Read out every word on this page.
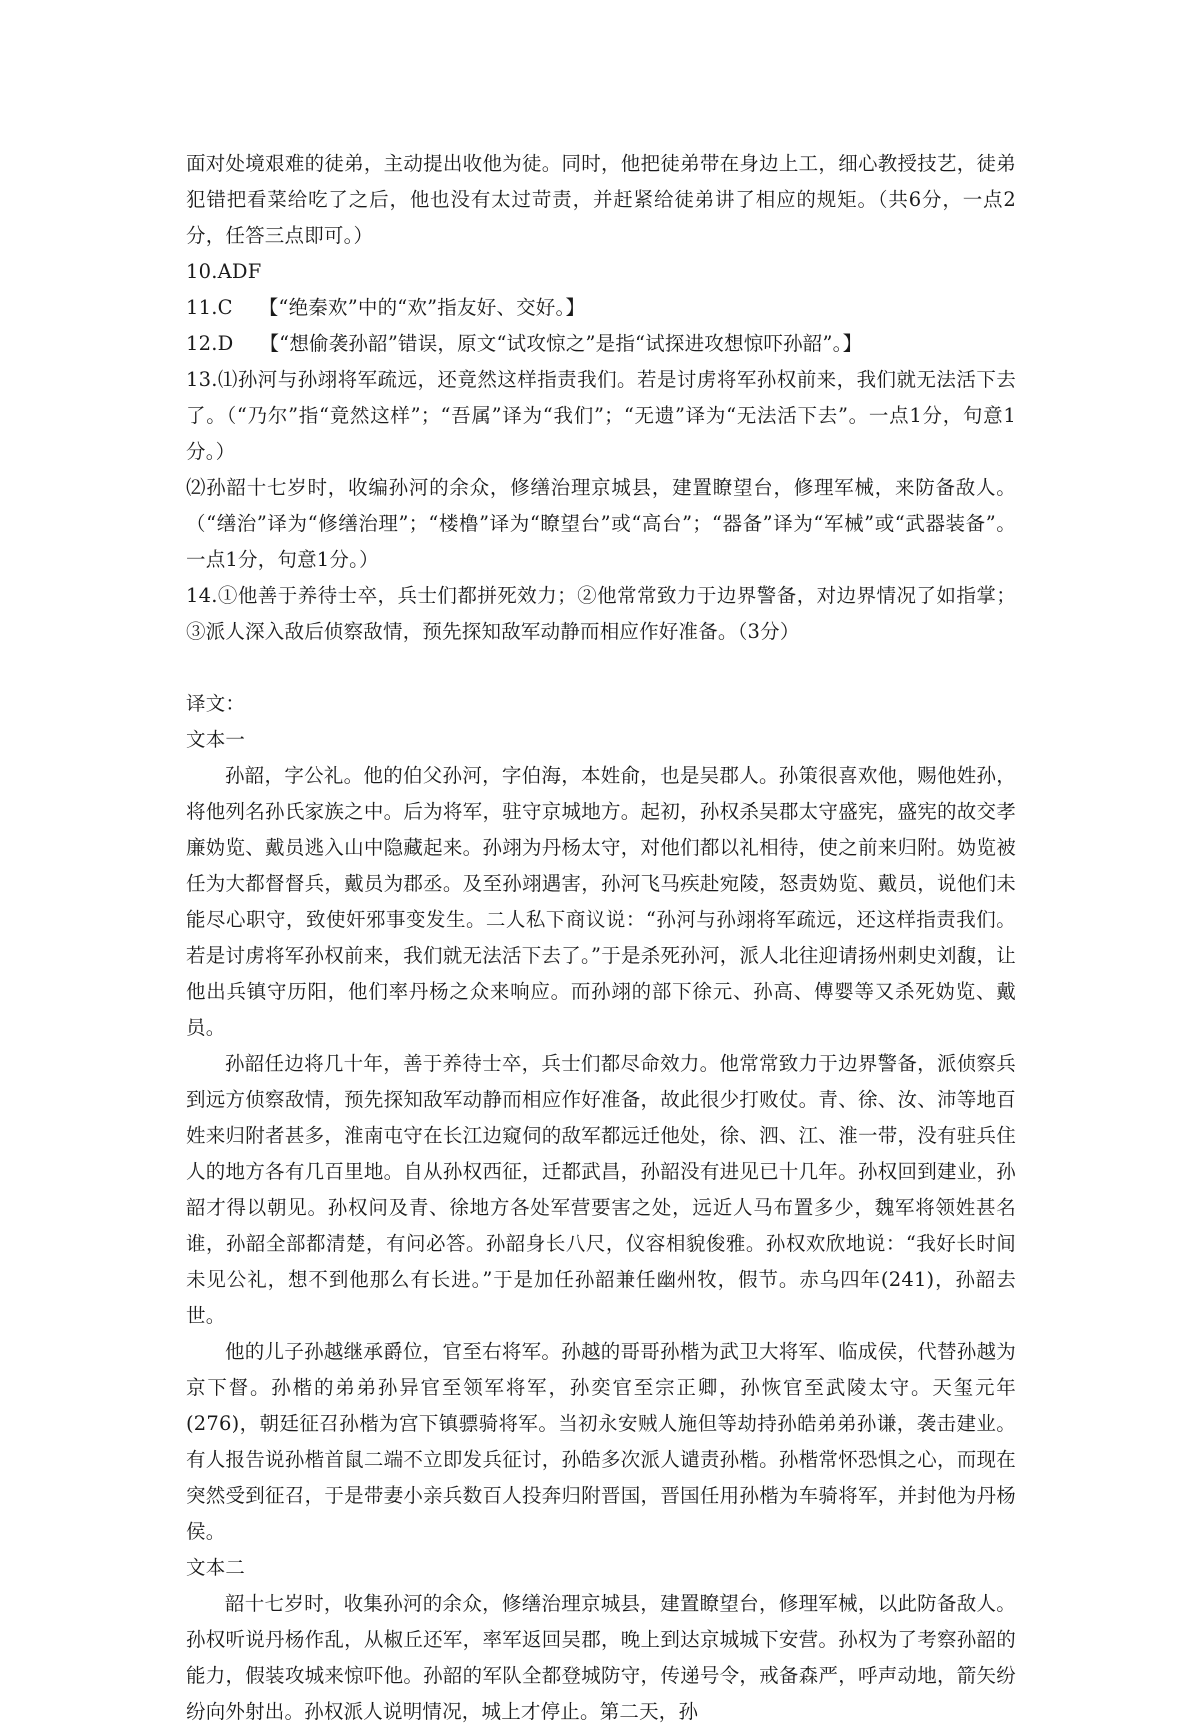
面对处境艰难的徒弟，主动提出收他为徒。同时，他把徒弟带在身边上工，细心教授技艺，徒弟犯错把看菜给吃了之后，他也没有太过苛责，并赶紧给徒弟讲了相应的规矩。（共6分，一点2分，任答三点即可。）

10.ADF

11.C 【“绝秦欢”中的“欢”指友好、交好。】

12.D 【“想偷袭孙韶”错误，原文“试攻惊之”是指“试探进攻想惊吓孙韶”。】

13.⑴孙河与孙翊将军疏远，还竟然这样指责我们。若是讨虏将军孙权前来，我们就无法活下去了。（“乃尔”指“竟然这样”；“吾属”译为“我们”；“无遗”译为“无法活下去”。一点1分，句意1分。）

⑵孙韶十七岁时，收编孙河的余众，修缮治理京城县，建置瞭望台，修理军械，来防备敌人。（“缮治”译为“修缮治理”；“楼橹”译为“瞭望台”或“高台”；“器备”译为“军械”或“武器装备”。一点1分，句意1分。）

14.①他善于养待士卒，兵士们都拼死效力；②他常常致力于边界警备，对边界情况了如指掌；③派人深入敌后侦察敌情，预先探知敌军动静而相应作好准备。（3分）

译文：

文本一

孙韶，字公礼。他的伯父孙河，字伯海，本姓俞，也是吴郡人。孙策很喜欢他，赐他姓孙，将他列名孙氏家族之中。后为将军，驻守京城地方。起初，孙权杀吴郡太守盛宪，盛宪的故交孝廉妫览、戴员逃入山中隐藏起来。孙翊为丹杨太守，对他们都以礼相待，使之前来归附。妫览被任为大都督督兵，戴员为郡丞。及至孙翊遇害，孙河飞马疾赴宛陵，怒责妫览、戴员，说他们未能尽心职守，致使奸邪事变发生。二人私下商议说：“孙河与孙翊将军疏远，还这样指责我们。若是讨虏将军孙权前来，我们就无法活下去了。”于是杀死孙河，派人北往迎请扬州刺史刘馥，让他出兵镇守历阳，他们率丹杨之众来响应。而孙翊的部下徐元、孙高、傅婴等又杀死妫览、戴员。

孙韶任边将几十年，善于养待士卒，兵士们都尽命效力。他常常致力于边界警备，派侦察兵到远方侦察敌情，预先探知敌军动静而相应作好准备，故此很少打败仗。青、徐、汝、沛等地百姓来归附者甚多，淮南屯守在长江边窥伺的敌军都远迁他处，徐、泗、江、淮一带，没有驻兵住人的地方各有几百里地。自从孙权西征，迁都武昌，孙韶没有进见已十几年。孙权回到建业，孙韶才得以朝见。孙权问及青、徐地方各处军营要害之处，远近人马布置多少，魏军将领姓甚名谁，孙韶全部都清楚，有问必答。孙韶身长八尺，仪容相貌俊雅。孙权欢欣地说：“我好长时间未见公礼，想不到他那么有长进。”于是加任孙韶兼任幽州牧，假节。赤乌四年(241)，孙韶去世。

他的儿子孙越继承爵位，官至右将军。孙越的哥哥孙楷为武卫大将军、临成侯，代替孙越为京下督。孙楷的弟弟孙异官至领军将军，孙奕官至宗正卿，孙恢官至武陵太守。天玺元年(276)，朝廷征召孙楷为宫下镇骠骑将军。当初永安贼人施但等劫持孙皓弟弟孙谦，袭击建业。有人报告说孙楷首鼠二端不立即发兵征讨，孙皓多次派人谴责孙楷。孙楷常怀恐惧之心，而现在突然受到征召，于是带妻小亲兵数百人投奔归附晋国，晋国任用孙楷为车骑将军，并封他为丹杨侯。

文本二

韶十七岁时，收集孙河的余众，修缮治理京城县，建置瞭望台，修理军械，以此防备敌人。孙权听说丹杨作乱，从椒丘还军，率军返回吴郡，晚上到达京城城下安营。孙权为了考察孙韶的能力，假装攻城来惊吓他。孙韶的军队全都登城防守，传递号令，戒备森严，呼声动地，箭矢纷纷向外射出。孙权派人说明情况，城上才停止。第二天，孙
